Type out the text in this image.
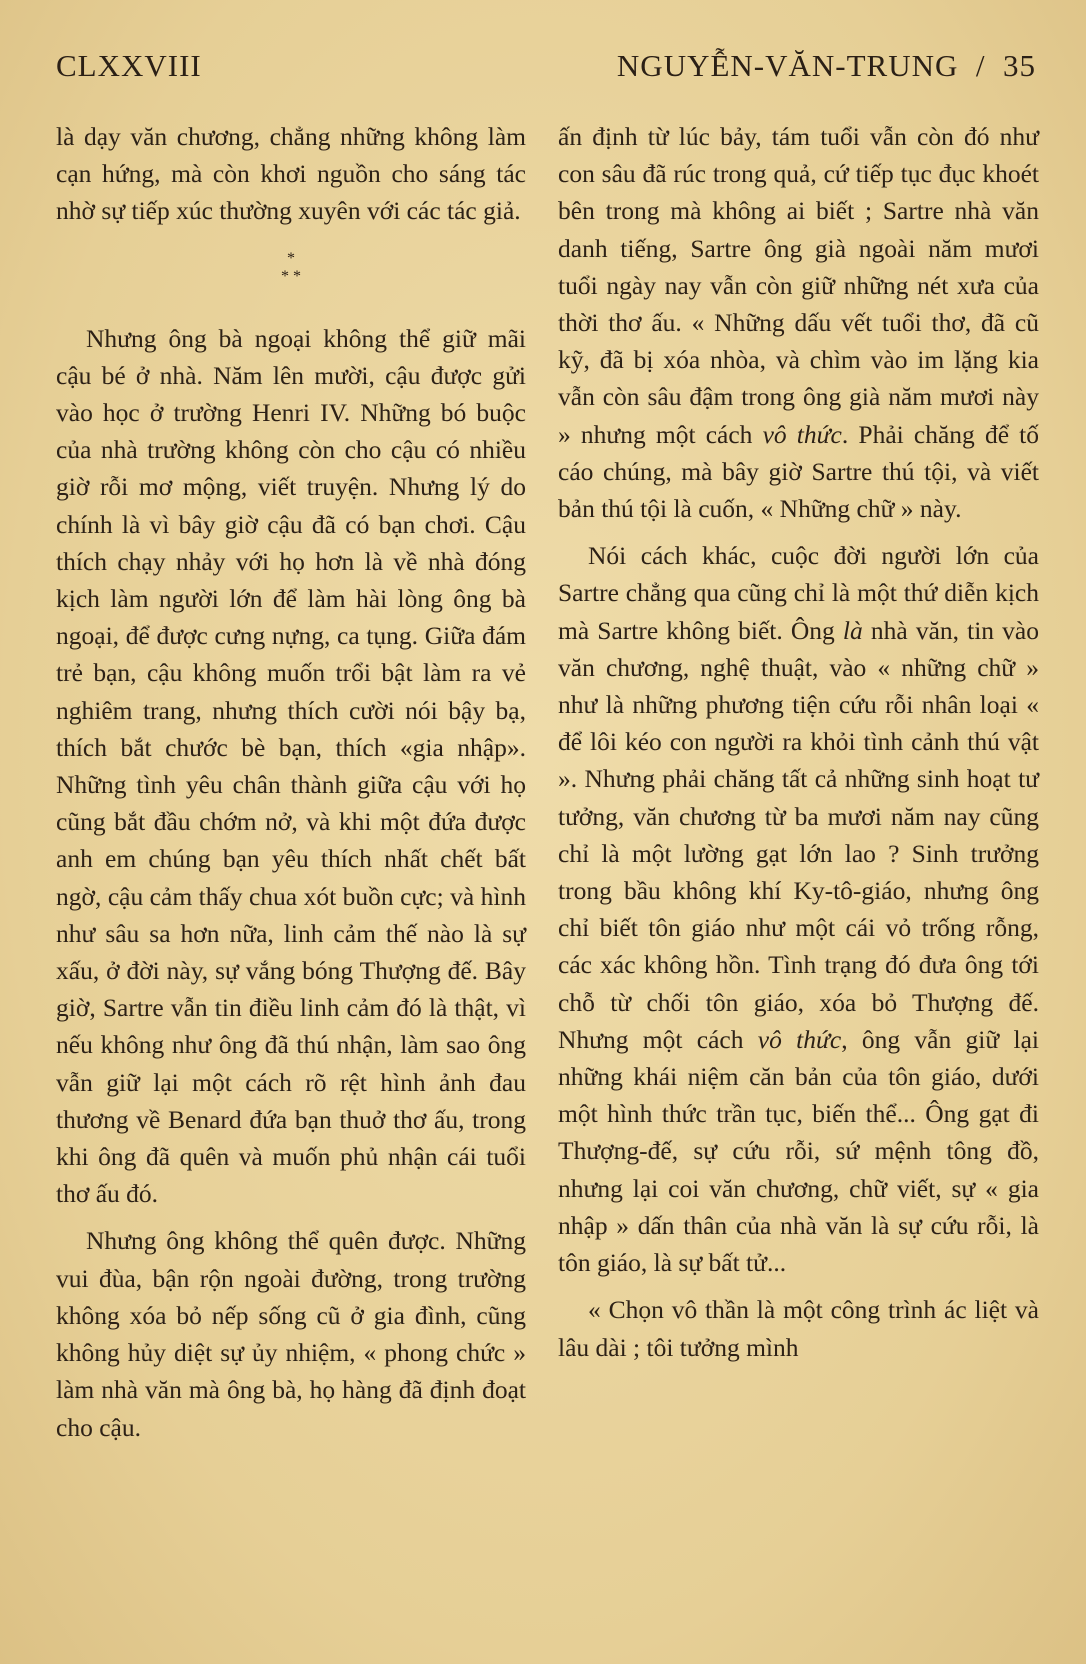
CLXXVIII	NGUYỄN-VĂN-TRUNG  /  35

là dạy văn chương, chẳng những không làm cạn hứng, mà còn khơi nguồn cho sáng tác nhờ sự tiếp xúc thường xuyên với các tác giả.

*
* *

Nhưng ông bà ngoại không thể giữ mãi cậu bé ở nhà. Năm lên mười, cậu được gửi vào học ở trường Henri IV. Những bó buộc của nhà trường không còn cho cậu có nhiều giờ rỗi mơ mộng, viết truyện. Nhưng lý do chính là vì bây giờ cậu đã có bạn chơi. Cậu thích chạy nhảy với họ hơn là về nhà đóng kịch làm người lớn để làm hài lòng ông bà ngoại, để được cưng nựng, ca tụng. Giữa đám trẻ bạn, cậu không muốn trổi bật làm ra vẻ nghiêm trang, nhưng thích cười nói bậy bạ, thích bắt chước bè bạn, thích «gia nhập». Những tình yêu chân thành giữa cậu với họ cũng bắt đầu chớm nở, và khi một đứa được anh em chúng bạn yêu thích nhất chết bất ngờ, cậu cảm thấy chua xót buồn cực; và hình như sâu sa hơn nữa, linh cảm thế nào là sự xấu, ở đời này, sự vắng bóng Thượng đế. Bây giờ, Sartre vẫn tin điều linh cảm đó là thật, vì nếu không như ông đã thú nhận, làm sao ông vẫn giữ lại một cách rõ rệt hình ảnh đau thương về Benard đứa bạn thuở thơ ấu, trong khi ông đã quên và muốn phủ nhận cái tuổi thơ ấu đó.

Nhưng ông không thể quên được. Những vui đùa, bận rộn ngoài đường, trong trường không xóa bỏ nếp sống cũ ở gia đình, cũng không hủy diệt sự ủy nhiệm, « phong chức » làm nhà văn mà ông bà, họ hàng đã định đoạt cho cậu.

ấn định từ lúc bảy, tám tuổi vẫn còn đó như con sâu đã rúc trong quả, cứ tiếp tục đục khoét bên trong mà không ai biết ; Sartre nhà văn danh tiếng, Sartre ông già ngoài năm mươi tuổi ngày nay vẫn còn giữ những nét xưa của thời thơ ấu. « Những dấu vết tuổi thơ, đã cũ kỹ, đã bị xóa nhòa, và chìm vào im lặng kia vẫn còn sâu đậm trong ông già năm mươi này » nhưng một cách vô thức. Phải chăng để tố cáo chúng, mà bây giờ Sartre thú tội, và viết bản thú tội là cuốn, « Những chữ » này.

Nói cách khác, cuộc đời người lớn của Sartre chẳng qua cũng chỉ là một thứ diễn kịch mà Sartre không biết. Ông là nhà văn, tin vào văn chương, nghệ thuật, vào « những chữ » như là những phương tiện cứu rỗi nhân loại « để lôi kéo con người ra khỏi tình cảnh thú vật ». Nhưng phải chăng tất cả những sinh hoạt tư tưởng, văn chương từ ba mươi năm nay cũng chỉ là một lường gạt lớn lao ? Sinh trưởng trong bầu không khí Ky-tô-giáo, nhưng ông chỉ biết tôn giáo như một cái vỏ trống rỗng, các xác không hồn. Tình trạng đó đưa ông tới chỗ từ chối tôn giáo, xóa bỏ Thượng đế. Nhưng một cách vô thức, ông vẫn giữ lại những khái niệm căn bản của tôn giáo, dưới một hình thức trần tục, biến thể... Ông gạt đi Thượng-đế, sự cứu rỗi, sứ mệnh tông đồ, nhưng lại coi văn chương, chữ viết, sự « gia nhập » dấn thân của nhà văn là sự cứu rỗi, là tôn giáo, là sự bất tử...

« Chọn vô thần là một công trình ác liệt và lâu dài ; tôi tưởng mình
